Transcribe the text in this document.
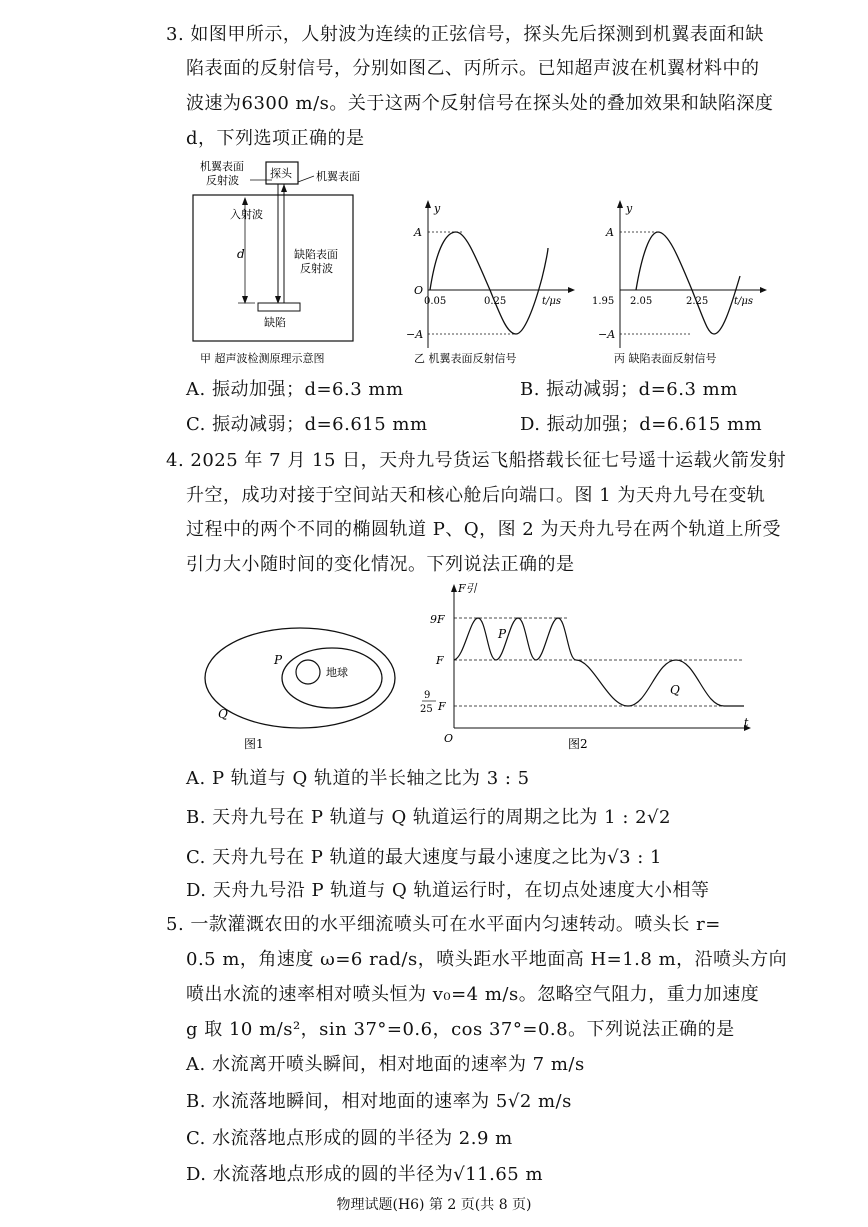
3. 如图甲所示，人射波为连续的正弦信号，探头先后探测到机翼表面和缺
陷表面的反射信号，分别如图乙、丙所示。已知超声波在机翼材料中的
波速为6300 m/s。关于这两个反射信号在探头处的叠加效果和缺陷深度
d，下列选项正确的是
探头
机翼表面
反射波	机翼表面
入射波
缺陷表面
反射波
d
缺陷
甲 超声波检测原理示意图
y
A
−A
O
0.05	0.25	t/μs
乙 机翼表面反射信号
y
A
−A
1.95 2.05	2.25	t/μs
丙 缺陷表面反射信号
A. 振动加强；d=6.3 mm	B. 振动减弱；d=6.3 mm
C. 振动减弱；d=6.615 mm	D. 振动加强；d=6.615 mm
4. 2025 年 7 月 15 日，天舟九号货运飞船搭载长征七号遥十运载火箭发射
升空，成功对接于空间站天和核心舱后向端口。图 1 为天舟九号在变轨
过程中的两个不同的椭圆轨道 P、Q，图 2 为天舟九号在两个轨道上所受
引力大小随时间的变化情况。下列说法正确的是
地球
P
Q
图1
F引
9F
F
9
25 F
O
t
P
Q
图2
A. P 轨道与 Q 轨道的半长轴之比为 3 : 5
B. 天舟九号在 P 轨道与 Q 轨道运行的周期之比为 1 : 2√2
C. 天舟九号在 P 轨道的最大速度与最小速度之比为√3 : 1
D. 天舟九号沿 P 轨道与 Q 轨道运行时，在切点处速度大小相等
5. 一款灌溉农田的水平细流喷头可在水平面内匀速转动。喷头长 r=
0.5 m，角速度 ω=6 rad/s，喷头距水平地面高 H=1.8 m，沿喷头方向
喷出水流的速率相对喷头恒为 v₀=4 m/s。忽略空气阻力，重力加速度
g 取 10 m/s²，sin 37°=0.6，cos 37°=0.8。下列说法正确的是
A. 水流离开喷头瞬间，相对地面的速率为 7 m/s
B. 水流落地瞬间，相对地面的速率为 5√2 m/s
C. 水流落地点形成的圆的半径为 2.9 m
D. 水流落地点形成的圆的半径为√11.65 m
物理试题(H6) 第 2 页(共 8 页)
